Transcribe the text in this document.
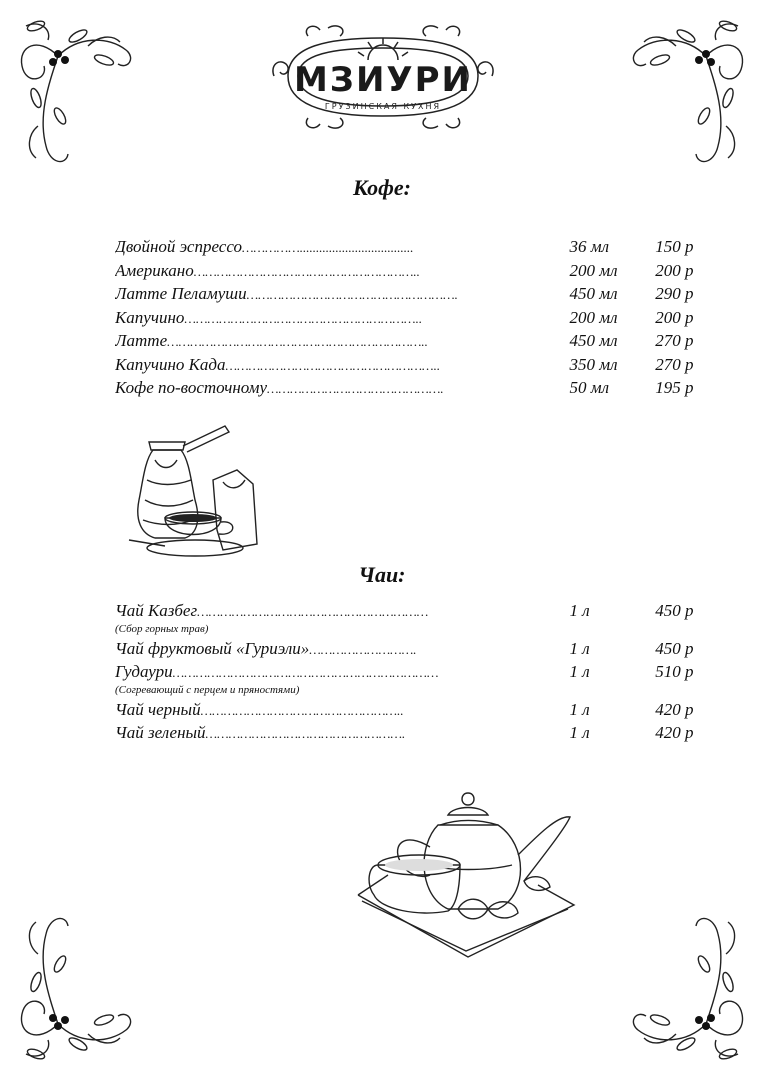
МЗИУРИ
ГРУЗИНСКАЯ КУХНЯ
Кофе:
Двойной эспрессо……………...................................	36 мл	150 р
Американо…………………………………………………..	200 мл	200 р
Латте Пеламуши……………………………………………….	450 мл	290 р
Капучино……………………………………………………..	200 мл	200 р
Латте…………………………………………………………..	450 мл	270 р
Капучино Када………………………………………………..	350 мл	270 р
Кофе по-восточному……………………………………….	50 мл	195 р
Чаи:
Чай Казбег……………………………………………………	1 л	450 р
(Сбор горных трав)
Чай фруктовый «Гуриэли»……………………….	1 л	450 р
Гудаури……………………………………………………………	1 л	510 р
(Согревающий с перцем и пряностями)
Чай черный……………………………………………..	1 л	420 р
Чай зеленый…………………………………………….	1 л	420 р
